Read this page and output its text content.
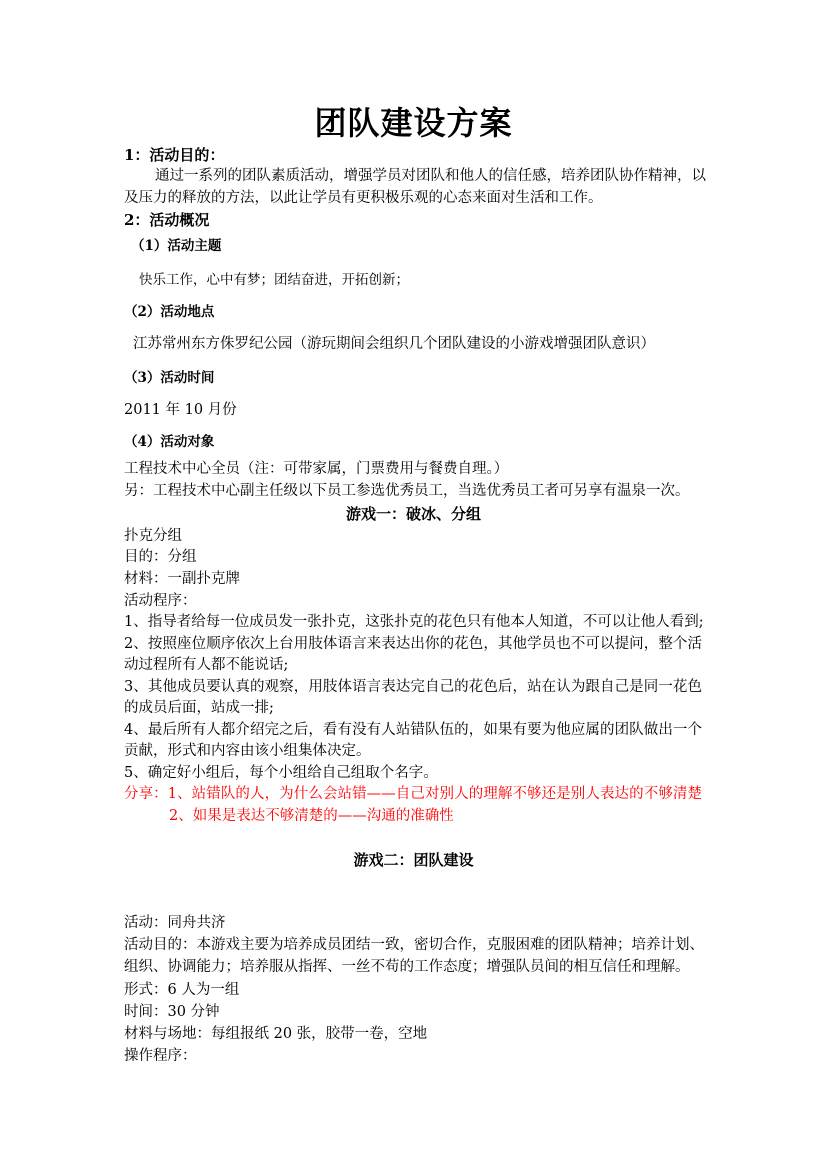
团队建设方案
1：活动目的：
通过一系列的团队素质活动，增强学员对团队和他人的信任感，培养团队协作精神，以
及压力的释放的方法，以此让学员有更积极乐观的心态来面对生活和工作。
2：活动概况
（1）活动主题
快乐工作，心中有梦；团结奋进，开拓创新；
（2）活动地点
江苏常州东方侏罗纪公园（游玩期间会组织几个团队建设的小游戏增强团队意识）
（3）活动时间
2011 年 10 月份
（4）活动对象
工程技术中心全员（注：可带家属，门票费用与餐费自理。）
另：工程技术中心副主任级以下员工参选优秀员工，当选优秀员工者可另享有温泉一次。
游戏一：破冰、分组
扑克分组
目的：分组
材料：一副扑克牌
活动程序：
1、指导者给每一位成员发一张扑克，这张扑克的花色只有他本人知道，不可以让他人看到;
2、按照座位顺序依次上台用肢体语言来表达出你的花色，其他学员也不可以提问，整个活
动过程所有人都不能说话;
3、其他成员要认真的观察，用肢体语言表达完自己的花色后，站在认为跟自己是同一花色
的成员后面，站成一排;
4、最后所有人都介绍完之后，看有没有人站错队伍的，如果有要为他应属的团队做出一个
贡献，形式和内容由该小组集体决定。
5、确定好小组后，每个小组给自己组取个名字。
分享：1、站错队的人，为什么会站错——自己对别人的理解不够还是别人表达的不够清楚
2、如果是表达不够清楚的——沟通的准确性
游戏二：团队建设
活动：同舟共济
活动目的：本游戏主要为培养成员团结一致，密切合作，克服困难的团队精神；培养计划、
组织、协调能力；培养服从指挥、一丝不苟的工作态度；增强队员间的相互信任和理解。
形式：6 人为一组
时间：30 分钟
材料与场地：每组报纸 20 张，胶带一卷，空地
操作程序：
